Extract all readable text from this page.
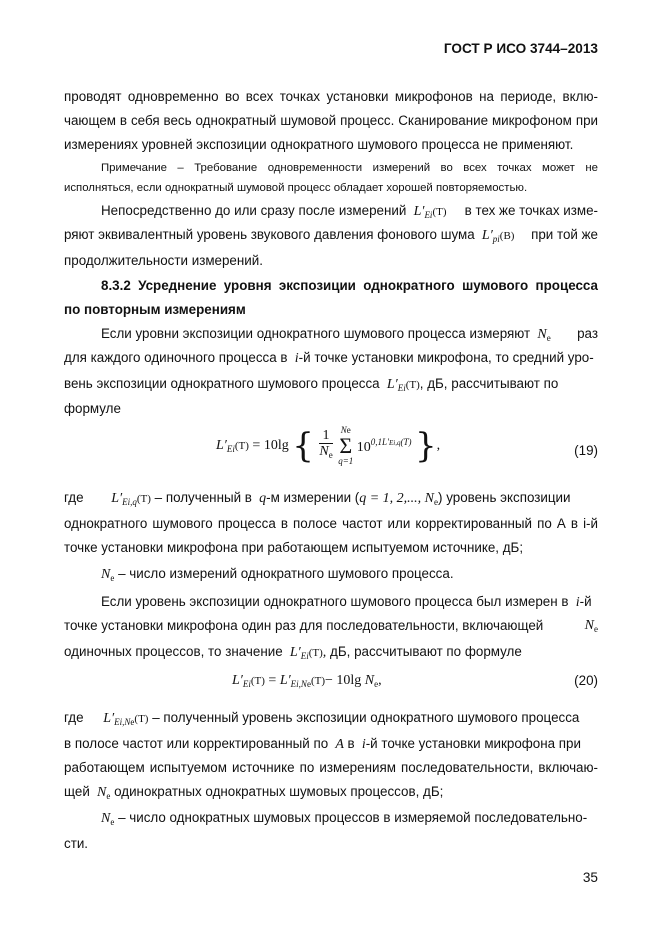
ГОСТ Р ИСО 3744–2013
проводят одновременно во всех точках установки микрофонов на периоде, вклю-
чающем в себя весь однократный шумовой процесс. Сканирование микрофоном при
измерениях уровней экспозиции однократного шумового процесса не применяют.
Примечание – Требование одновременности измерений во всех точках может не
исполняться, если однократный шумовой процесс обладает хорошей повторяемостью.
Непосредственно до или сразу после измерений  $L'_{Ei}(T)$ в тех же точках изме-
ряют эквивалентный уровень звукового давления фонового шума  $L'_{pi}(B)$ при той же
продолжительности измерений.
8.3.2 Усреднение уровня экспозиции однократного шумового процесса
по повторным измерениям
Если уровни экспозиции однократного шумового процесса измеряют  $N_e$ раз
для каждого одиночного процесса в  i-й точке установки микрофона, то средний уро-
вень экспозиции однократного шумового процесса  $L'_{Ei}(T)$, дБ, рассчитывают по
формуле
$L'_{Ei}(T) = 10\lg$ { $\frac{1}{N_e}$
Ne
Σ
q=1
$10^{0,1L'Ei,q(T)}$ },	(19)
где $L'_{Ei,q}(T)$ – полученный в  q-м измерении (q = 1, 2,..., $N_e$) уровень экспозиции
однократного шумового процесса в полосе частот или корректированный по А в i-й
точке установки микрофона при работающем испытуемом источнике, дБ;
$N_e$ – число измерений однократного шумового процесса.
Если уровень экспозиции однократного шумового процесса был измерен в  i-й
точке установки микрофона один раз для последовательности, включающей	$N_e$
одиночных процессов, то значение  $L'_{Ei}(T)$, дБ, рассчитывают по формуле
$L'_{Ei}(T) = L'_{Ei,Ne}(T)- 10\lg$ $N_e$,	(20)
где $L'_{Ei,Ne}(T)$ – полученный уровень экспозиции однократного шумового процесса
в полосе частот или корректированный по  A в  i-й точке установки микрофона при
работающем испытуемом источнике по измерениям последовательности, включаю-
щей  $N_e$ одинократных однократных шумовых процессов, дБ;
$N_e$ – число однократных шумовых процессов в измеряемой последовательно-
сти.
35
